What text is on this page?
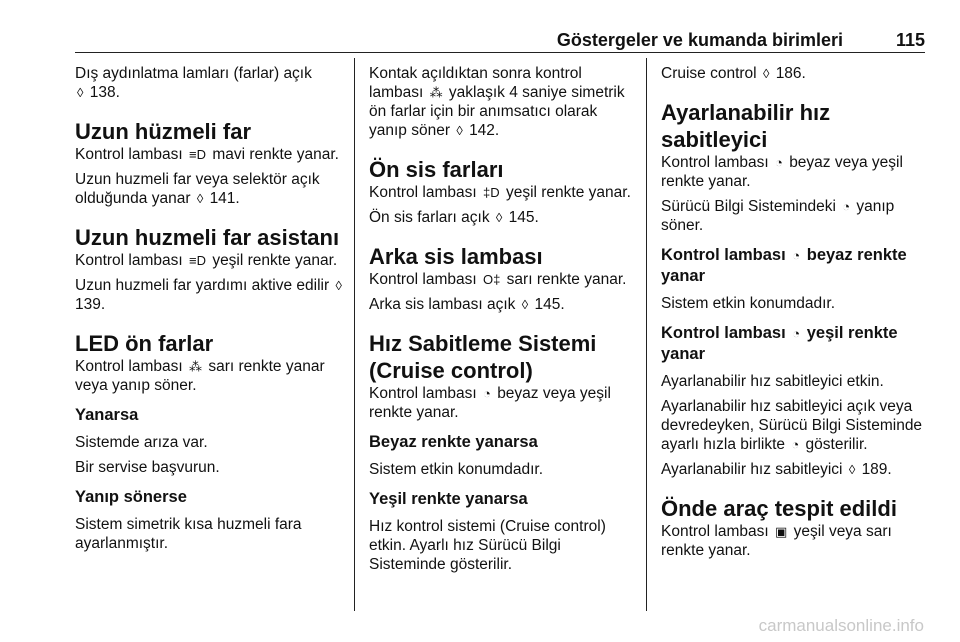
Göstergeler ve kumanda birimleri	115

Dış aydınlatma lamları (farlar) açık
◊ 138.

Uzun hüzmeli far

Kontrol lambası ≡D mavi renkte yanar.

Uzun huzmeli far veya selektör açık olduğunda yanar ◊ 141.

Uzun huzmeli far asistanı

Kontrol lambası ≡D yeşil renkte yanar.

Uzun huzmeli far yardımı aktive edilir ◊ 139.

LED ön farlar

Kontrol lambası ⁂ sarı renkte yanar veya yanıp söner.

Yanarsa

Sistemde arıza var.

Bir servise başvurun.

Yanıp sönerse

Sistem simetrik kısa huzmeli fara ayarlanmıştır.

Kontak açıldıktan sonra kontrol lambası ⁂ yaklaşık 4 saniye simetrik ön farlar için bir anımsatıcı olarak yanıp söner ◊ 142.

Ön sis farları

Kontrol lambası ‡D yeşil renkte yanar.

Ön sis farları açık ◊ 145.

Arka sis lambası

Kontrol lambası O‡ sarı renkte yanar.

Arka sis lambası açık ◊ 145.

Hız Sabitleme Sistemi (Cruise control)

Kontrol lambası ◔ beyaz veya yeşil renkte yanar.

Beyaz renkte yanarsa

Sistem etkin konumdadır.

Yeşil renkte yanarsa

Hız kontrol sistemi (Cruise control) etkin. Ayarlı hız Sürücü Bilgi Sisteminde gösterilir.

Cruise control ◊ 186.

Ayarlanabilir hız sabitleyici

Kontrol lambası ◔ beyaz veya yeşil renkte yanar.

Sürücü Bilgi Sistemindeki ◔ yanıp söner.

Kontrol lambası ◔ beyaz renkte yanar

Sistem etkin konumdadır.

Kontrol lambası ◔ yeşil renkte yanar

Ayarlanabilir hız sabitleyici etkin.

Ayarlanabilir hız sabitleyici açık veya devredeyken, Sürücü Bilgi Sisteminde ayarlı hızla birlikte ◔ gösterilir.

Ayarlanabilir hız sabitleyici ◊ 189.

Önde araç tespit edildi

Kontrol lambası ▣ yeşil veya sarı renkte yanar.

carmanualsonline.info
